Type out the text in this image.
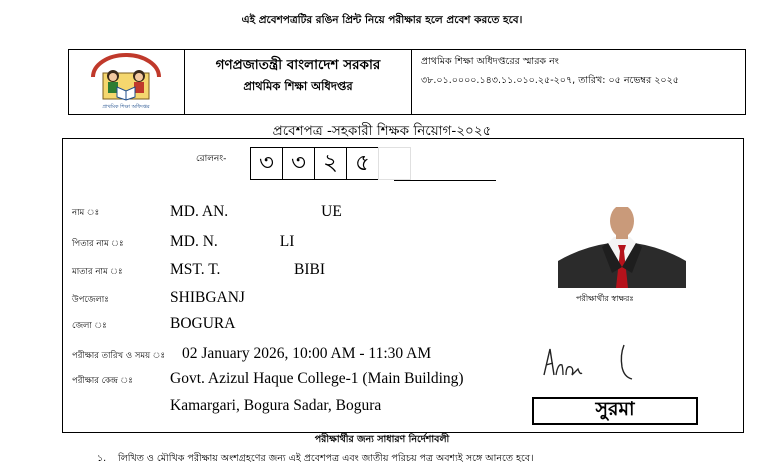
এই প্রবেশপত্রটির রঙিন প্রিন্ট নিয়ে পরীক্ষার হলে প্রবেশ করতে হবে।
প্রাথমিক শিক্ষা অধিদপ্তর
গণপ্রজাতন্ত্রী বাংলাদেশ সরকার
প্রাথমিক শিক্ষা অধিদপ্তর
প্রাথমিক শিক্ষা অধিদপ্তরের স্মারক নং
৩৮.০১.০০০০.১৪৩.১১.০১০.২৫-২০৭, তারিখ: ০৫ নভেম্বর ২০২৫
প্রবেশপত্র -সহকারী শিক্ষক নিয়োগ-২০২৫
রোলনং-	৩ ৩ ২ ৫
নাম ঃ	MD. AN.                        UE
পিতার নাম ঃ	MD. N.                LI
মাতার নাম ঃ	MST. T.                   BIBI
উপজেলাঃ	SHIBGANJ
জেলা ঃ	BOGURA
পরীক্ষার তারিখ ও সময় ঃ 02 January 2026, 10:00 AM - 11:30 AM
পরীক্ষার কেন্দ্র ঃ Govt. Azizul Haque College-1 (Main Building)
Kamargari, Bogura Sadar, Bogura
পরীক্ষার্থীর স্বাক্ষরঃ
সুরমা
পরীক্ষার্থীর জন্য সাধারণ নির্দেশাবলী
১. লিখিত ও মৌখিক পরীক্ষায় অংশগ্রহণের জন্য এই প্রবেশপত্র এবং জাতীয় পরিচয় পত্র অবশ্যই সঙ্গে আনতে হবে।
